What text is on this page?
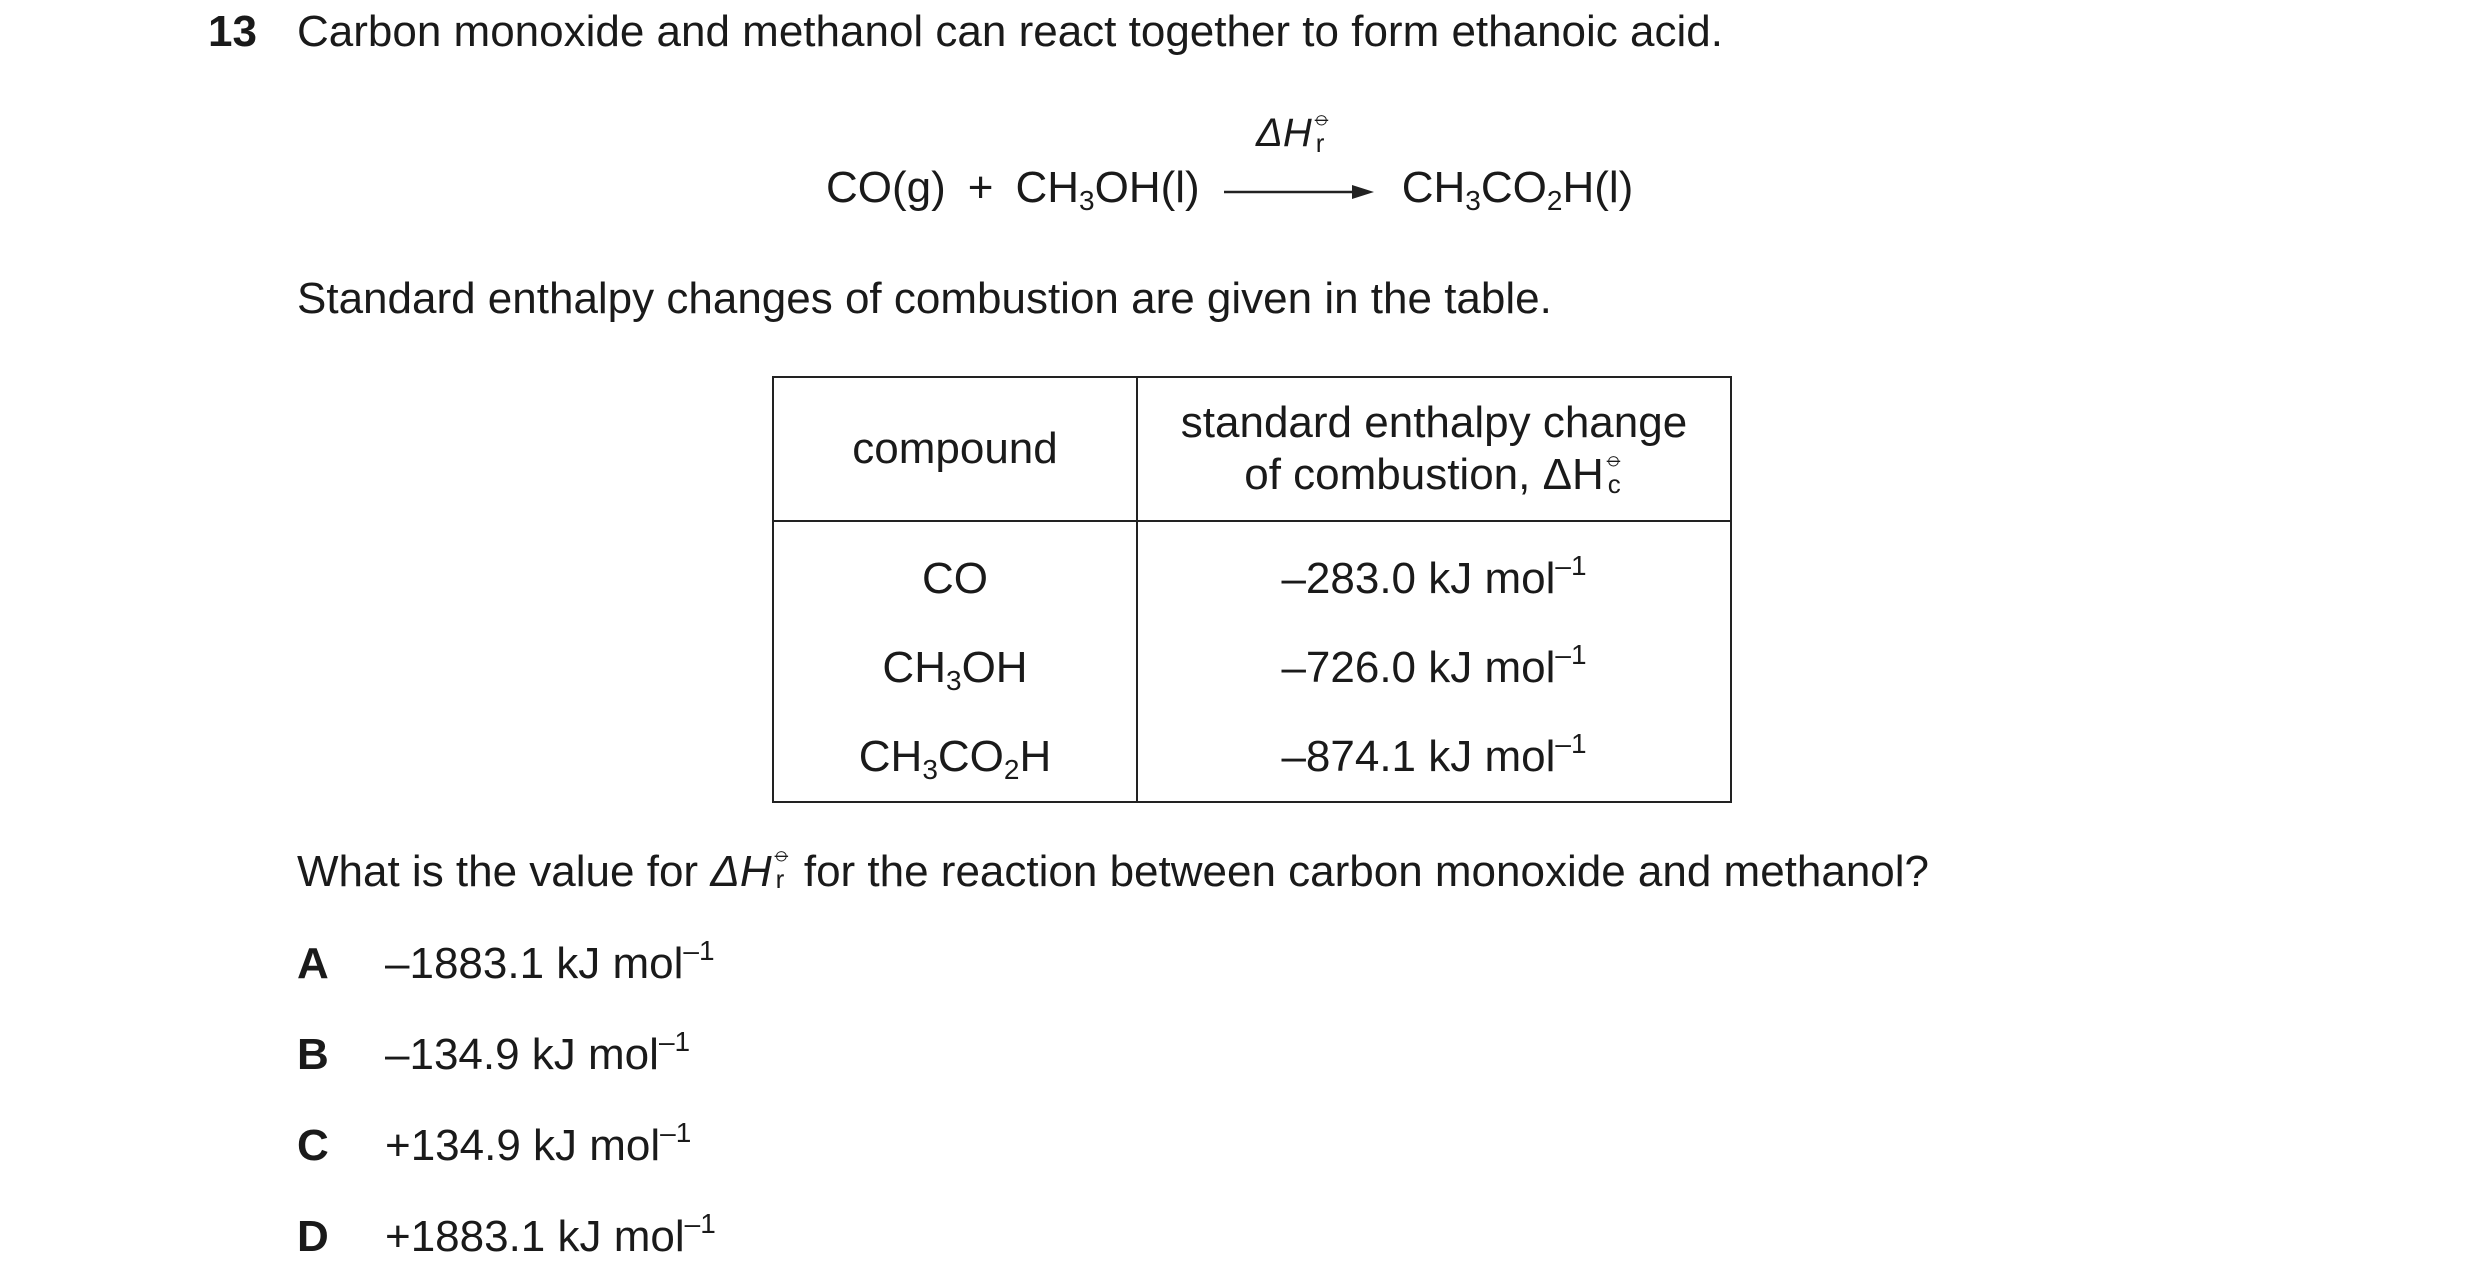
13 Carbon monoxide and methanol can react together to form ethanoic acid.
ΔH ⦵
r
$CO(g) + CH_3OH(l) \to CH_3CO_2H(l)$
Standard enthalpy changes of combustion are given in the table.
compound	standard enthalpy change
of combustion, ΔH ⦵
c

CO	–283.0 kJ mol$^{-1}$
$CH_3OH$	–726.0 kJ mol$^{-1}$
$CH_3CO_2H$	–874.1 kJ mol$^{-1}$
What is the value for ΔH ⦵
r for the reaction between carbon monoxide and methanol?
A –1883.1 kJ mol$^{-1}$
B –134.9 kJ mol$^{-1}$
C +134.9 kJ mol$^{-1}$
D +1883.1 kJ mol$^{-1}$
